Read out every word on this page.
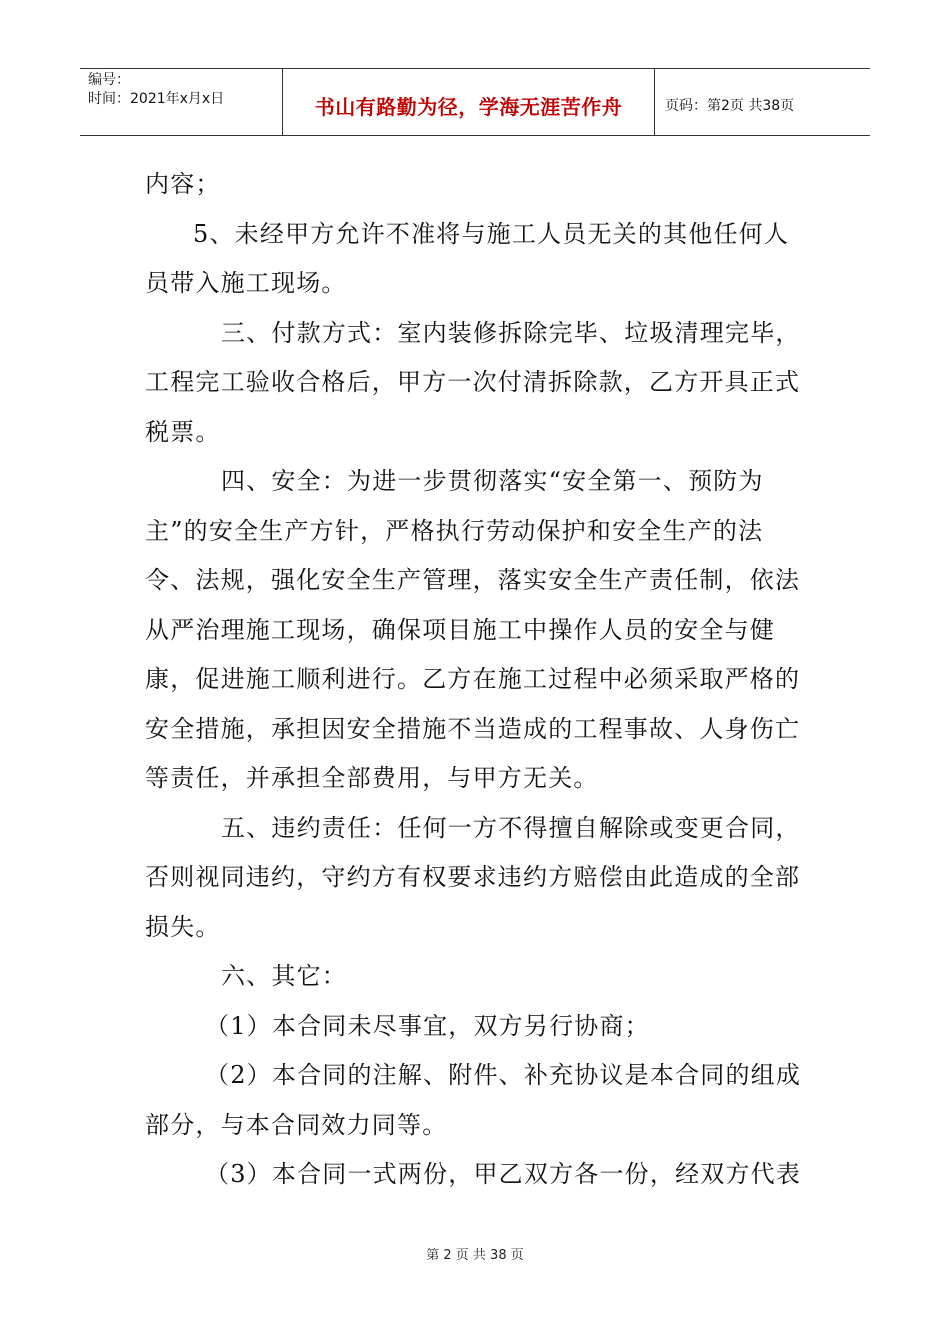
编号：
时间：2021年x月x日	书山有路勤为径，学海无涯苦作舟	页码：第2页 共38页

内容；

5、未经甲方允许不准将与施工人员无关的其他任何人员带入施工现场。

三、付款方式：室内装修拆除完毕、垃圾清理完毕，工程完工验收合格后，甲方一次付清拆除款，乙方开具正式税票。

四、安全：为进一步贯彻落实“安全第一、预防为主”的安全生产方针，严格执行劳动保护和安全生产的法令、法规，强化安全生产管理，落实安全生产责任制，依法从严治理施工现场，确保项目施工中操作人员的安全与健康，促进施工顺利进行。乙方在施工过程中必须采取严格的安全措施，承担因安全措施不当造成的工程事故、人身伤亡等责任，并承担全部费用，与甲方无关。

五、违约责任：任何一方不得擅自解除或变更合同，否则视同违约，守约方有权要求违约方赔偿由此造成的全部损失。

六、其它：

（1）本合同未尽事宜，双方另行协商；

（2）本合同的注解、附件、补充协议是本合同的组成部分，与本合同效力同等。

（3）本合同一式两份，甲乙双方各一份，经双方代表

第 2 页 共 38 页
